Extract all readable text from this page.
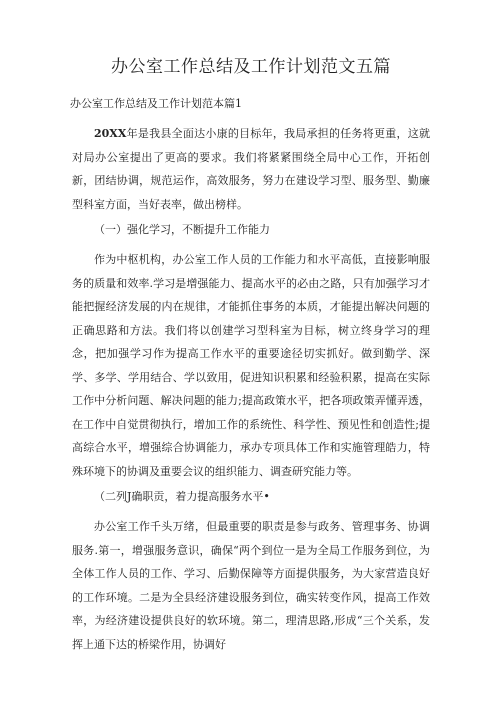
办公室工作总结及工作计划范文五篇
办公室工作总结及工作计划范本篇1

20XX年是我县全面达小康的目标年，我局承担的任务将更重，这就对局办公室提出了更高的要求。我们将紧紧围绕全局中心工作，开拓创新，团结协调，规范运作，高效服务，努力在建设学习型、服务型、勤廉型科室方面，当好表率，做出榜样。

（一）强化学习，不断提升工作能力

作为中枢机构，办公室工作人员的工作能力和水平高低，直接影响服务的质量和效率.学习是增强能力、提高水平的必由之路，只有加强学习才能把握经济发展的内在规律，才能抓住事务的本质，才能提出解决问题的正确思路和方法。我们将以创建学习型科室为目标，树立终身学习的理念，把加强学习作为提高工作水平的重要途径切实抓好。做到勤学、深学、多学、学用结合、学以致用，促进知识积累和经验积累，提高在实际工作中分析问题、解决问题的能力;提高政策水平，把各项政策弄懂弄透，在工作中自觉贯彻执行，增加工作的系统性、科学性、预见性和创造性;提高综合水平，增强综合协调能力，承办专项具体工作和实施管理皓力，特殊环境下的协调及重要会议的组织能力、调查研究能力等。

（二列J确职贡，着力提高服务水平•

办公室工作千头万绪，但最重要的职责是参与政务、管理事务、协调服务.第一，增强服务意识，确保“两个到位一是为全局工作服务到位，为全体工作人员的工作、学习、后勤保障等方面提供服务，为大家营造良好的工作环境。二是为全县经济建设服务到位，确实转变作风，提高工作效率，为经济建设提供良好的软环境。第二，理清思路,形成“三个关系，发挥上通下达的桥梁作用，协调好
